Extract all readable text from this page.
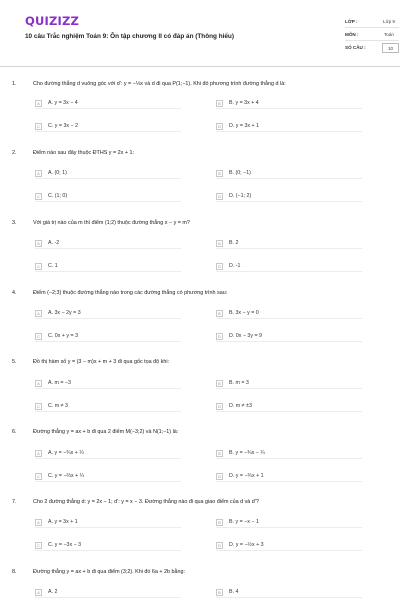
QUIZIZZ
10 câu Trắc nghiệm Toán 9: Ôn tập chương II có đáp án (Thông hiểu)
LỚP :	Lớp 9
MÔN :	Toán
SỐ CÂU :	10
1.	Cho đường thẳng d vuông góc với d': y = −⅓x và d đi qua P(1;−1). Khi đó phương trình đường thẳng d là:
A	A. y = 3x − 4	B	B. y = 3x + 4
C	C. y = 3x − 2	D	D. y = 3x + 1
2.	Điểm nào sau đây thuộc ĐTHS y = 2x + 1:
A	A. (0; 1)	B	B. (0; −1)
C	C. (1; 0)	D	D. (−1; 2)
3.	Với giá trị nào của m thì điểm (1;2) thuộc đường thẳng x − y = m?
A	A. -2	B	B. 2
C	C. 1	D	D. -1
4.	Điểm (−2;3) thuộc đường thẳng nào trong các đường thẳng có phương trình sau:
A	A. 3x − 2y = 3	B	B. 3x − y = 0
C	C. 0x + y = 3	D	D. 0x − 3y = 9
5.	Đồ thị hàm số y = (3 − m)x + m + 3 đi qua gốc tọa độ khi:
A	A. m = −3	B	B. m = 3
C	C. m ≠ 3	D	D. m ≠ ±3
6.	Đường thẳng y = ax + b đi qua 2 điểm M(−3;2) và N(1;−1) là:
A	A. y = −¾x + ¼	B	B. y = −¾x − ¼
C	C. y = −⅔x + ¼	D	D. y = −¾x + 1
7.	Cho 2 đường thẳng d: y = 2x − 1; d': y = x − 3. Đường thẳng nào đi qua giao điểm của d và d'?
A	A. y = 3x + 1	B	B. y = −x − 1
C	C. y = −3x − 3	D	D. y = −½x + 3
8.	Đường thẳng y = ax + b đi qua điểm (3;2). Khi đó 6a + 2b bằng:
A	A. 2	B	B. 4
